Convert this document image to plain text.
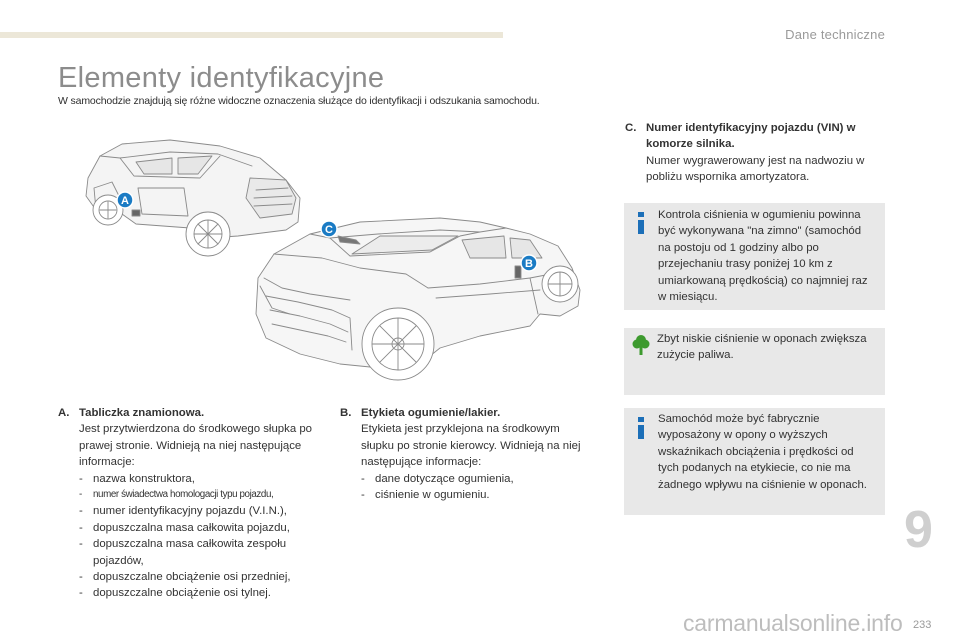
Dane techniczne
Elementy identyfikacyjne
W samochodzie znajdują się różne widoczne oznaczenia służące do identyfikacji i odszukania samochodu.
A
B
C
A. Tabliczka znamionowa.
Jest przytwierdzona do środkowego słupka po prawej stronie. Widnieją na niej następujące informacje:
- nazwa konstruktora,
- numer świadectwa homologacji typu pojazdu,
- numer identyfikacyjny pojazdu (V.I.N.),
- dopuszczalna masa całkowita pojazdu,
- dopuszczalna masa całkowita zespołu pojazdów,
- dopuszczalne obciążenie osi przedniej,
- dopuszczalne obciążenie osi tylnej.
B. Etykieta ogumienie/lakier.
Etykieta jest przyklejona na środkowym słupku po stronie kierowcy. Widnieją na niej następujące informacje:
- dane dotyczące ogumienia,
- ciśnienie w ogumieniu.
C. Numer identyfikacyjny pojazdu (VIN) w komorze silnika.
Numer wygrawerowany jest na nadwoziu w pobliżu wspornika amortyzatora.
Kontrola ciśnienia w ogumieniu powinna być wykonywana "na zimno" (samochód na postoju od 1 godziny albo po przejechaniu trasy poniżej 10 km z umiarkowaną prędkością) co najmniej raz w miesiącu.
Zbyt niskie ciśnienie w oponach zwiększa zużycie paliwa.
Samochód może być fabrycznie wyposażony w opony o wyższych wskaźnikach obciążenia i prędkości od tych podanych na etykiecie, co nie ma żadnego wpływu na ciśnienie w oponach.
9
carmanualsonline.info 233
